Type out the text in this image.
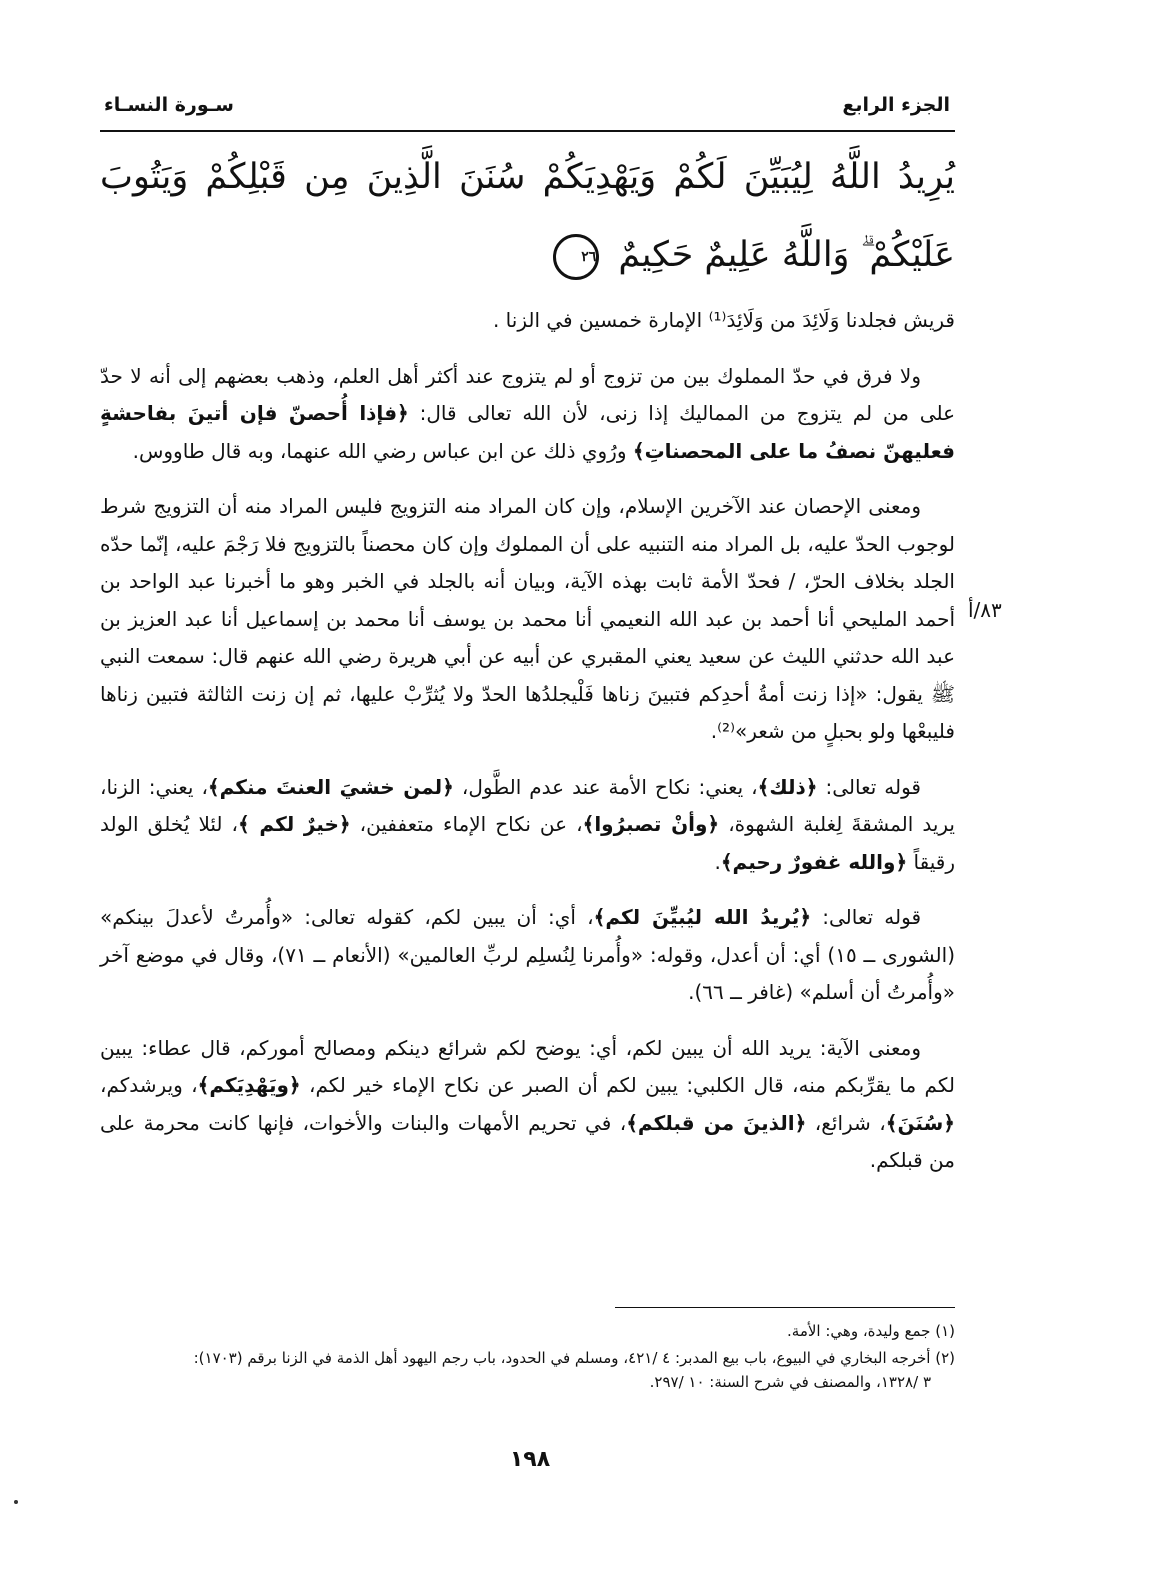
الجزء الرابع
سـورة النسـاء
يُرِيدُ اللَّهُ لِيُبَيِّنَ لَكُمْ وَيَهْدِيَكُمْ سُنَنَ الَّذِينَ مِن قَبْلِكُمْ وَيَتُوبَ عَلَيْكُمْ ۗ وَاللَّهُ عَلِيمٌ حَكِيمٌ ٢٦
٨٣/أ

قريش فجلدنا وَلَائِدَ من وَلَائِدَ⁽¹⁾ الإمارة خمسين في الزنا .

ولا فرق في حدّ المملوك بين من تزوج أو لم يتزوج عند أكثر أهل العلم، وذهب بعضهم إلى أنه لا حدّ على من لم يتزوج من المماليك إذا زنى، لأن الله تعالى قال: ﴿فإذا أُحصنّ فإن أتينَ بفاحشةٍ فعليهنّ نصفُ ما على المحصناتِ﴾ ورُوي ذلك عن ابن عباس رضي الله عنهما، وبه قال طاووس.

ومعنى الإحصان عند الآخرين الإسلام، وإن كان المراد منه التزويج فليس المراد منه أن التزويج شرط لوجوب الحدّ عليه، بل المراد منه التنبيه على أن المملوك وإن كان محصناً بالتزويج فلا رَجْمَ عليه، إنّما حدّه الجلد بخلاف الحرّ، / فحدّ الأمة ثابت بهذه الآية، وبيان أنه بالجلد في الخبر وهو ما أخبرنا عبد الواحد بن أحمد المليحي أنا أحمد بن عبد الله النعيمي أنا محمد بن يوسف أنا محمد بن إسماعيل أنا عبد العزيز بن عبد الله حدثني الليث عن سعيد يعني المقبري عن أبيه عن أبي هريرة رضي الله عنهم قال: سمعت النبي ﷺ يقول: «إذا زنت أمةُ أحدِكم فتبينَ زناها فَلْيجلدُها الحدّ ولا يُثرِّبْ عليها، ثم إن زنت الثالثة فتبين زناها فليبعْها ولو بحبلٍ من شعر»⁽²⁾.

قوله تعالى: ﴿ذلك﴾، يعني: نكاح الأمة عند عدم الطَّول، ﴿لمن خشيَ العنتَ منكم﴾، يعني: الزنا، يريد المشقةَ لِغلبة الشهوة، ﴿وأنْ تصبرُوا﴾، عن نكاح الإماء متعففين، ﴿خيرٌ لكم ﴾، لئلا يُخلق الولد رقيقاً ﴿والله غفورٌ رحيم﴾.

قوله تعالى: ﴿يُريدُ الله ليُبيِّنَ لكم﴾، أي: أن يبين لكم، كقوله تعالى: «وأُمرتُ لأعدلَ بينكم» (الشورى ــ ١٥) أي: أن أعدل، وقوله: «وأُمرنا لِنُسلِم لربِّ العالمين» (الأنعام ــ ٧١)، وقال في موضع آخر «وأُمرتُ أن أسلم» (غافر ــ ٦٦).

ومعنى الآية: يريد الله أن يبين لكم، أي: يوضح لكم شرائع دينكم ومصالح أموركم، قال عطاء: يبين لكم ما يقرِّبكم منه، قال الكلبي: يبين لكم أن الصبر عن نكاح الإماء خير لكم، ﴿ويَهْدِيَكم﴾، ويرشدكم، ﴿سُنَنَ﴾، شرائع، ﴿الذينَ من قبلكم﴾، في تحريم الأمهات والبنات والأخوات، فإنها كانت محرمة على من قبلكم.

(١) جمع وليدة، وهي: الأمة.
(٢) أخرجه البخاري في البيوع، باب بيع المدبر: ٤ /٤٢١، ومسلم في الحدود، باب رجم اليهود أهل الذمة في الزنا برقم (١٧٠٣):
٣ /١٣٢٨، والمصنف في شرح السنة: ١٠ /٢٩٧.
١٩٨
